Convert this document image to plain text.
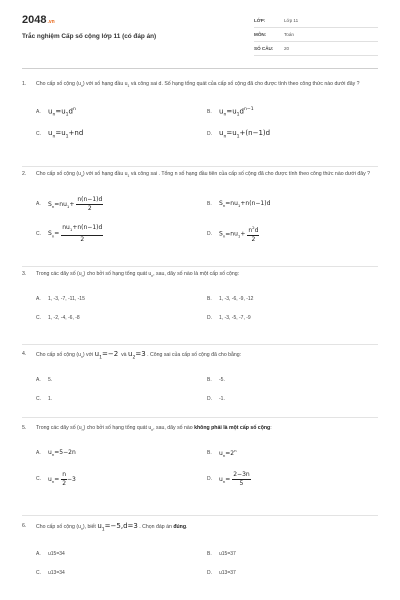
2048.vn
Trắc nghiệm Cấp số cộng lớp 11 (có đáp án)
LỚP:	Lớp 11
MÔN:	Toán
SỐ CÂU:	20
1.	Cho cấp số cộng $(u_n)$ với số hạng đầu $u_1$ và công sai d. Số hạng tổng quát của cấp số cộng đã cho được tính theo công thức nào dưới đây ?
A.	$u_n=u_1d^n$	B.	$u_n=u_1d^{n-1}$
C.	$u_n=u_1+nd$	D.	$u_n=u_1+(n-1)d$
2.	Cho cấp số cộng $(u_n)$ với số hạng đầu $u_1$ và công sai . Tổng n số hạng đầu tiên của cấp số cộng đã cho được tính theo công thức nào dưới đây ?
A.	$S_n=nu_1+ \frac{n(n-1)d}{2}$	B.	$S_n=nu_1+n(n-1)d$
C.	$S_n= \frac{nu_1+n(n-1)d}{2}$	D.	$S_n=nu_1+ \frac{n^2d}{2}$
3.	Trong các dãy số $(u_n)$ cho bởi số hạng tổng quát $u_n$, sau, dãy số nào là một cấp số cộng:
A.	1, -3, -7, -11, -15	B.	1, -3, -6, -9, -12
C.	1, -2, -4, -6, -8	D.	1, -3, -5, -7, -9
4.	Cho cấp số cộng $(u_n)$ với $u_1=-2$  và $u_2=3$ . Công sai của cấp số cộng đã cho bằng:
A.	5.	B.	-5.
C.	1.	D.	-1.
5.	Trong các dãy số $(u_n)$ cho bởi số hạng tổng quát $u_n$, sau, dãy số nào không phải là một cấp số cộng:
A.	$u_n=5-2n$	B.	$u_n=2^n$
C.	$u_n= \frac{n}{2} -3$	D.	$u_n= \frac{2-3n}{5}$
6.	Cho cấp số cộng $(u_n)$, biết $u_1=-5,d=3$ . Chọn đáp án đúng.
A.	u15=34	B.	u15=37
C.	u13=34	D.	u13=37
